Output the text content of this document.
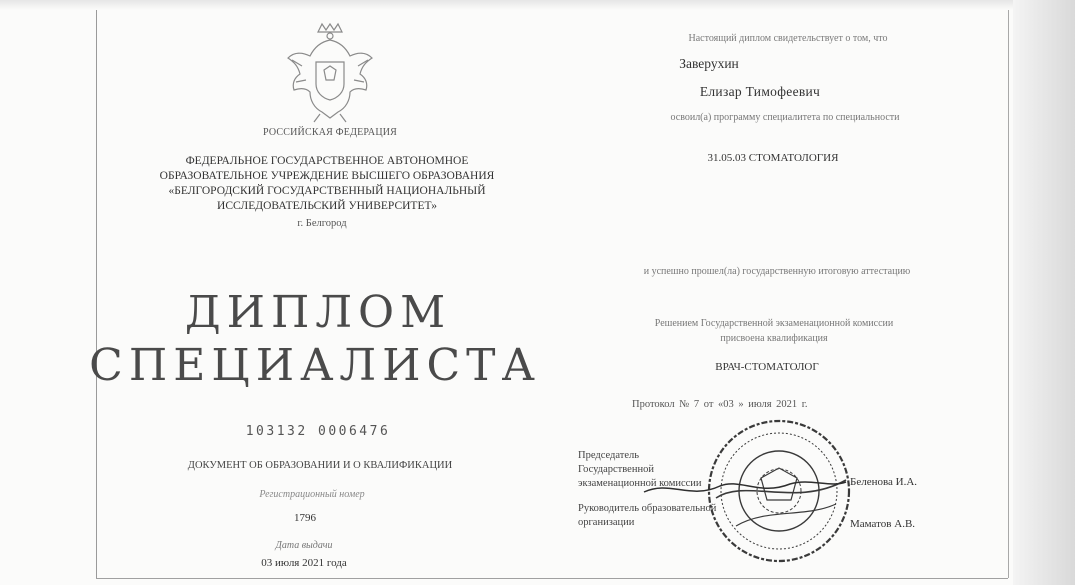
РОССИЙСКАЯ ФЕДЕРАЦИЯ
ФЕДЕРАЛЬНОЕ ГОСУДАРСТВЕННОЕ АВТОНОМНОЕ
ОБРАЗОВАТЕЛЬНОЕ УЧРЕЖДЕНИЕ ВЫСШЕГО ОБРАЗОВАНИЯ
«БЕЛГОРОДСКИЙ ГОСУДАРСТВЕННЫЙ НАЦИОНАЛЬНЫЙ
ИССЛЕДОВАТЕЛЬСКИЙ УНИВЕРСИТЕТ»
г. Белгород
ДИПЛОМ
СПЕЦИАЛИСТА
103132 0006476
ДОКУМЕНТ ОБ ОБРАЗОВАНИИ И О КВАЛИФИКАЦИИ
Регистрационный номер
1796
Дата выдачи
03 июля 2021 года
Настоящий диплом свидетельствует о том, что
Заверухин
Елизар Тимофеевич
освоил(а) программу специалитета по специальности
31.05.03 СТОМАТОЛОГИЯ
и успешно прошел(ла) государственную итоговую аттестацию
Решением Государственной экзаменационной комиссии
присвоена квалификация
ВРАЧ-СТОМАТОЛОГ
Протокол № 7 от «03 » июля 2021 г.
Председатель
Государственной
экзаменационной комиссии	Беленова И.А.
Руководитель образовательной
организации	Маматов А.В.
